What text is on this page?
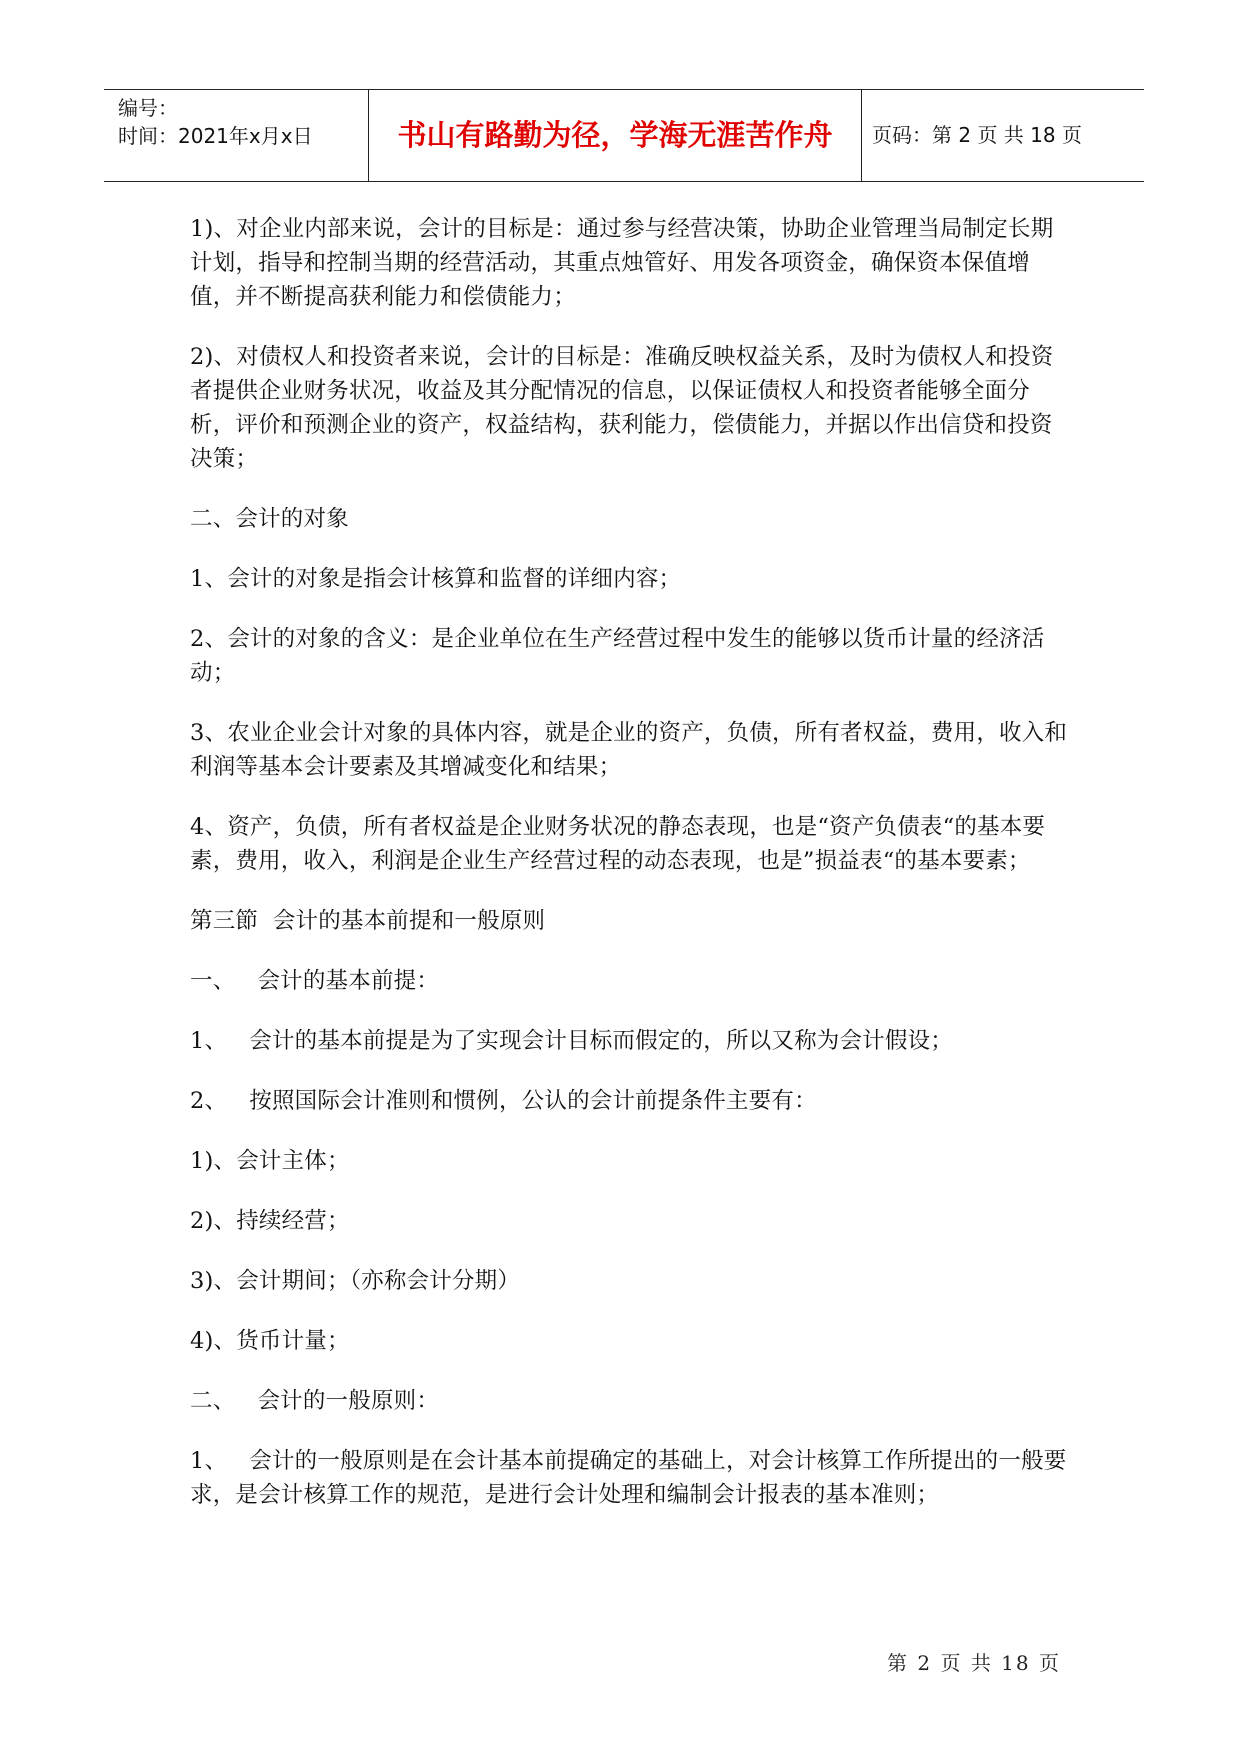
编号：
时间：2021年x月x日	书山有路勤为径，学海无涯苦作舟	页码：第 2 页 共 18 页

1)、对企业内部来说，会计的目标是：通过参与经营决策，协助企业管理当局制定长期计划，指导和控制当期的经营活动，其重点烛管好、用发各项资金，确保资本保值增值，并不断提高获利能力和偿债能力；

2)、对债权人和投资者来说，会计的目标是：准确反映权益关系，及时为债权人和投资者提供企业财务状况，收益及其分配情况的信息，以保证债权人和投资者能够全面分析，评价和预测企业的资产，权益结构，获利能力，偿债能力，并据以作出信贷和投资决策；

二、会计的对象

1、会计的对象是指会计核算和监督的详细内容；

2、会计的对象的含义：是企业单位在生产经营过程中发生的能够以货币计量的经济活动；

3、农业企业会计对象的具体内容，就是企业的资产，负债，所有者权益，费用，收入和利润等基本会计要素及其增减变化和结果；

4、资产，负债，所有者权益是企业财务状况的静态表现，也是“资产负债表“的基本要素，费用，收入，利润是企业生产经营过程的动态表现，也是”损益表“的基本要素；

第三節  会计的基本前提和一般原则

一、   会计的基本前提：

1、   会计的基本前提是为了实现会计目标而假定的，所以又称为会计假设；

2、   按照国际会计准则和惯例，公认的会计前提条件主要有：

1)、会计主体；

2)、持续经营；

3)、会计期间；（亦称会计分期）

4)、货币计量；

二、   会计的一般原则：

1、   会计的一般原则是在会计基本前提确定的基础上，对会计核算工作所提出的一般要求，是会计核算工作的规范，是进行会计处理和编制会计报表的基本准则；

第 2 页 共 18 页
